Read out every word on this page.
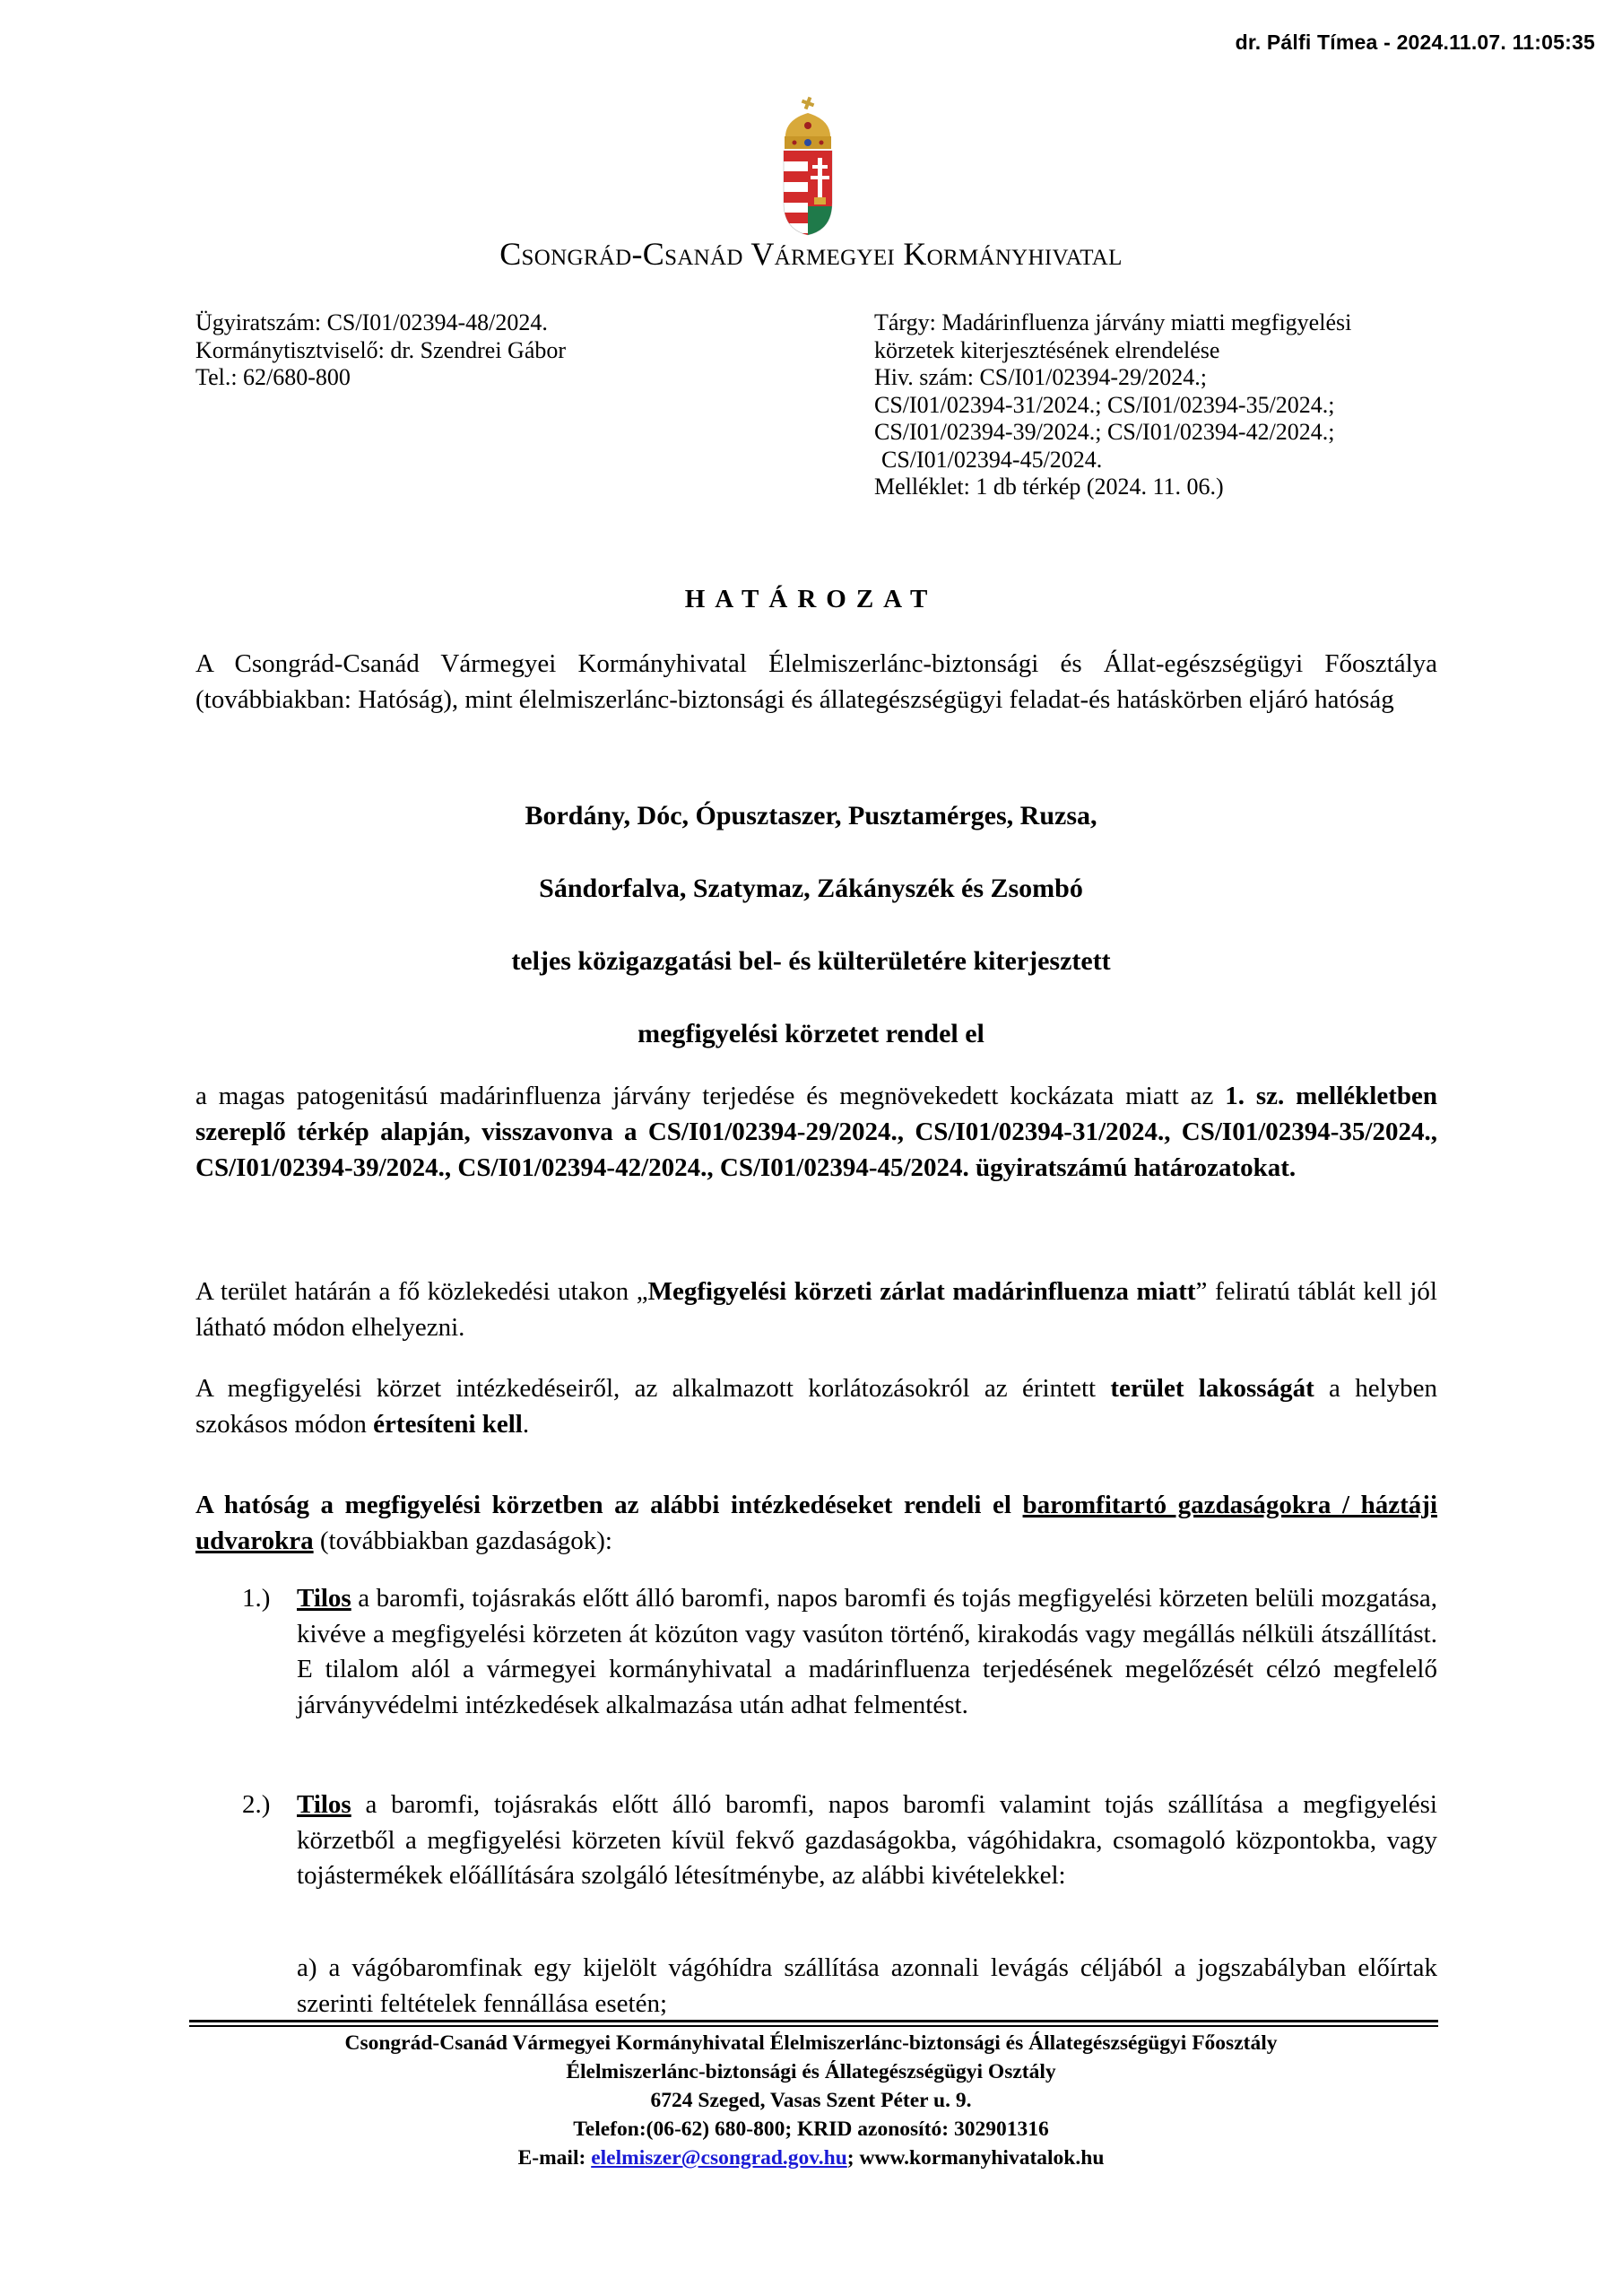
dr. Pálfi Tímea - 2024.11.07. 11:05:35
Csongrád-Csanád Vármegyei Kormányhivatal
Ügyiratszám: CS/I01/02394-48/2024.
Kormánytisztviselő: dr. Szendrei Gábor
Tel.: 62/680-800
Tárgy: Madárinfluenza járvány miatti megfigyelési
körzetek kiterjesztésének elrendelése
Hiv. szám: CS/I01/02394-29/2024.;
CS/I01/02394-31/2024.; CS/I01/02394-35/2024.;
CS/I01/02394-39/2024.; CS/I01/02394-42/2024.;
CS/I01/02394-45/2024.
Melléklet: 1 db térkép (2024. 11. 06.)
HATÁROZAT
A Csongrád-Csanád Vármegyei Kormányhivatal Élelmiszerlánc-biztonsági és Állat-egészségügyi Főosztálya (továbbiakban: Hatóság), mint élelmiszerlánc-biztonsági és állategészségügyi feladat-és hatáskörben eljáró hatóság
Bordány, Dóc, Ópusztaszer, Pusztamérges, Ruzsa,
Sándorfalva, Szatymaz, Zákányszék és Zsombó
teljes közigazgatási bel- és külterületére kiterjesztett
megfigyelési körzetet rendel el
a magas patogenitású madárinfluenza járvány terjedése és megnövekedett kockázata miatt az 1. sz. mellékletben szereplő térkép alapján, visszavonva a CS/I01/02394-29/2024., CS/I01/02394-31/2024., CS/I01/02394-35/2024., CS/I01/02394-39/2024., CS/I01/02394-42/2024., CS/I01/02394-45/2024. ügyiratszámú határozatokat.
A terület határán a fő közlekedési utakon „Megfigyelési körzeti zárlat madárinfluenza miatt” feliratú táblát kell jól látható módon elhelyezni.
A megfigyelési körzet intézkedéseiről, az alkalmazott korlátozásokról az érintett terület lakosságát a helyben szokásos módon értesíteni kell.
A hatóság a megfigyelési körzetben az alábbi intézkedéseket rendeli el baromfitartó gazdaságokra / háztáji udvarokra (továbbiakban gazdaságok):
1.) Tilos a baromfi, tojásrakás előtt álló baromfi, napos baromfi és tojás megfigyelési körzeten belüli mozgatása, kivéve a megfigyelési körzeten át közúton vagy vasúton történő, kirakodás vagy megállás nélküli átszállítást. E tilalom alól a vármegyei kormányhivatal a madárinfluenza terjedésének megelőzését célzó megfelelő járványvédelmi intézkedések alkalmazása után adhat felmentést.
2.) Tilos a baromfi, tojásrakás előtt álló baromfi, napos baromfi valamint tojás szállítása a megfigyelési körzetből a megfigyelési körzeten kívül fekvő gazdaságokba, vágóhidakra, csomagoló központokba, vagy tojástermékek előállítására szolgáló létesítménybe, az alábbi kivételekkel:
a) a vágóbaromfinak egy kijelölt vágóhídra szállítása azonnali levágás céljából a jogszabályban előírtak szerinti feltételek fennállása esetén;
Csongrád-Csanád Vármegyei Kormányhivatal Élelmiszerlánc-biztonsági és Állategészségügyi Főosztály
Élelmiszerlánc-biztonsági és Állategészségügyi Osztály
6724 Szeged, Vasas Szent Péter u. 9.
Telefon:(06-62) 680-800; KRID azonosító: 302901316
E-mail: elelmiszer@csongrad.gov.hu; www.kormanyhivatalok.hu
